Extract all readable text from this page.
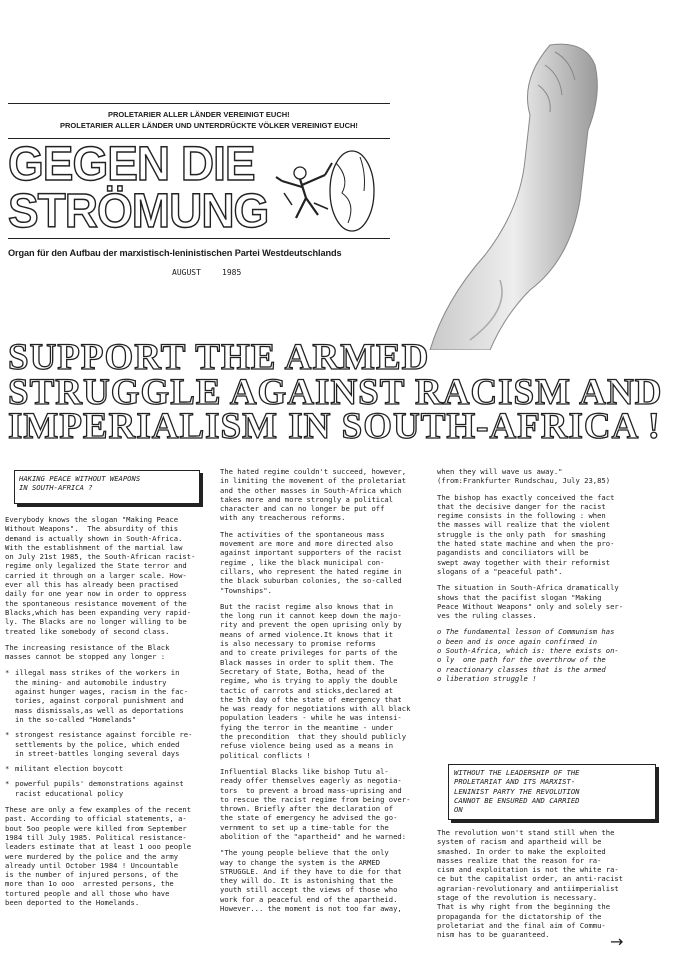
PROLETARIER ALLER LÄNDER VEREINIGT EUCH!
PROLETARIER ALLER LÄNDER UND UNTERDRÜCKTE VÖLKER VEREINIGT EUCH!
GEGEN DIE
STRÖMUNG
Organ für den Aufbau der marxistisch-leninistischen Partei Westdeutschlands
AUGUST	1985
SUPPORT THE ARMED
STRUGGLE AGAINST RACISM AND
IMPERIALISM IN SOUTH-AFRICA !
HAKING PEACE WITHOUT WEAPONS
IN SOUTH-AFRICA ?

Everybody knows the slogan "Making Peace
Without Weapons".  The absurdity of this
demand is actually shown in South-Africa.
With the establishment of the martial law
on July 21st 1985, the South-African racist-
regime only legalized the State terror and
carried it through on a larger scale. How-
ever all this has already been practised
daily for one year now in order to oppress
the spontaneous resistance movement of the
Blacks,which has been expanding very rapid-
ly. The Blacks are no longer willing to be
treated like somebody of second class.

The increasing resistance of the Black
masses cannot be stopped any longer :

* illegal mass strikes of the workers in
the mining- and automobile industry
against hunger wages, racism in the fac-
tories, against corporal punishment and
mass dismissals,as well as deportations
in the so-called "Homelands"
* strongest resistance against forcible re-
settlements by the police, which ended
in street-battles longing several days
* militant election boycott
* powerful pupils' demonstrations against
racist educational policy

These are only a few examples of the recent
past. According to official statements, a-
bout 5oo people were killed from September
1984 till July 1985. Political resistance-
leaders estimate that at least 1 ooo people
were murdered by the police and the army
already until October 1984 ! Uncountable
is the number of injured persons, of the
more than 1o ooo  arrested persons, the
tortured people and all those who have
been deported to the Homelands.

The hated regime couldn't succeed, however,
in limiting the movement of the proletariat
and the other masses in South-Africa which
takes more and more strongly a political
character and can no longer be put off
with any treacherous reforms.

The activities of the spontaneous mass
movement are more and more directed also
against important supporters of the racist
regime , like the black municipal con-
cillars, who represent the hated regime in
the black suburban colonies, the so-called
"Townships".

But the racist regime also knows that in
the long run it cannot keep down the majo-
rity and prevent the open uprising only by
means of armed violence.It knows that it
is also necessary to promise reforms
and to create privileges for parts of the
Black masses in order to split them. The
Secretary of State, Botha, head of the
regime, who is trying to apply the double
tactic of carrots and sticks,declared at
the 5th day of the state of emergency that
he was ready for negotiations with all black
population leaders - while he was intensi-
fying the terror in the meantime - under
the precondition  that they should publicly
refuse violence being used as a means in
political conflicts !

Influential Blacks like bishop Tutu al-
ready offer themselves eagerly as negotia-
tors  to prevent a broad mass-uprising and
to rescue the racist regime from being over-
thrown. Briefly after the declaration of
the state of emergency he advised the go-
vernment to set up a time-table for the
abolition of the "apartheid" and he warned:

"The young people believe that the only
way to change the system is the ARMED
STRUGGLE. And if they have to die for that
they will do. It is astonishing that the
youth still accept the views of those who
work for a peaceful end of the apartheid.
However... the moment is not too far away,

when they will wave us away."
(from:Frankfurter Rundschau, July 23,85)

The bishop has exactly conceived the fact
that the decisive danger for the racist
regime consists in the following : when
the masses will realize that the violent
struggle is the only path  for smashing
the hated state machine and when the pro-
pagandists and conciliators will be
swept away together with their reformist
slogans of a "peaceful path".

The situation in South-Africa dramatically
shows that the pacifist slogan "Making
Peace Without Weapons" only and solely ser-
ves the ruling classes.

o The fundamental lesson of Communism has
o been and is once again confirmed in
o South-Africa, which is: there exists on-
o ly  one path for the overthrow of the
o reactionary classes that is the armed
o liberation struggle !

WITHOUT THE LEADERSHIP OF THE
PROLETARIAT AND ITS MARXIST-
LENINIST PARTY THE REVOLUTION
CANNOT BE ENSURED AND CARRIED
ON

The revolution won't stand still when the
system of racism and apartheid will be
smashed. In order to make the exploited
masses realize that the reason for ra-
cism and exploitation is not the white ra-
ce but the capitalist order, an anti-racist
agrarian-revolutionary and antiimperialist
stage of the revolution is necessary.
That is why right from the beginning the
propaganda for the dictatorship of the
proletariat and the final aim of Commu-
nism has to be guaranteed.	→
